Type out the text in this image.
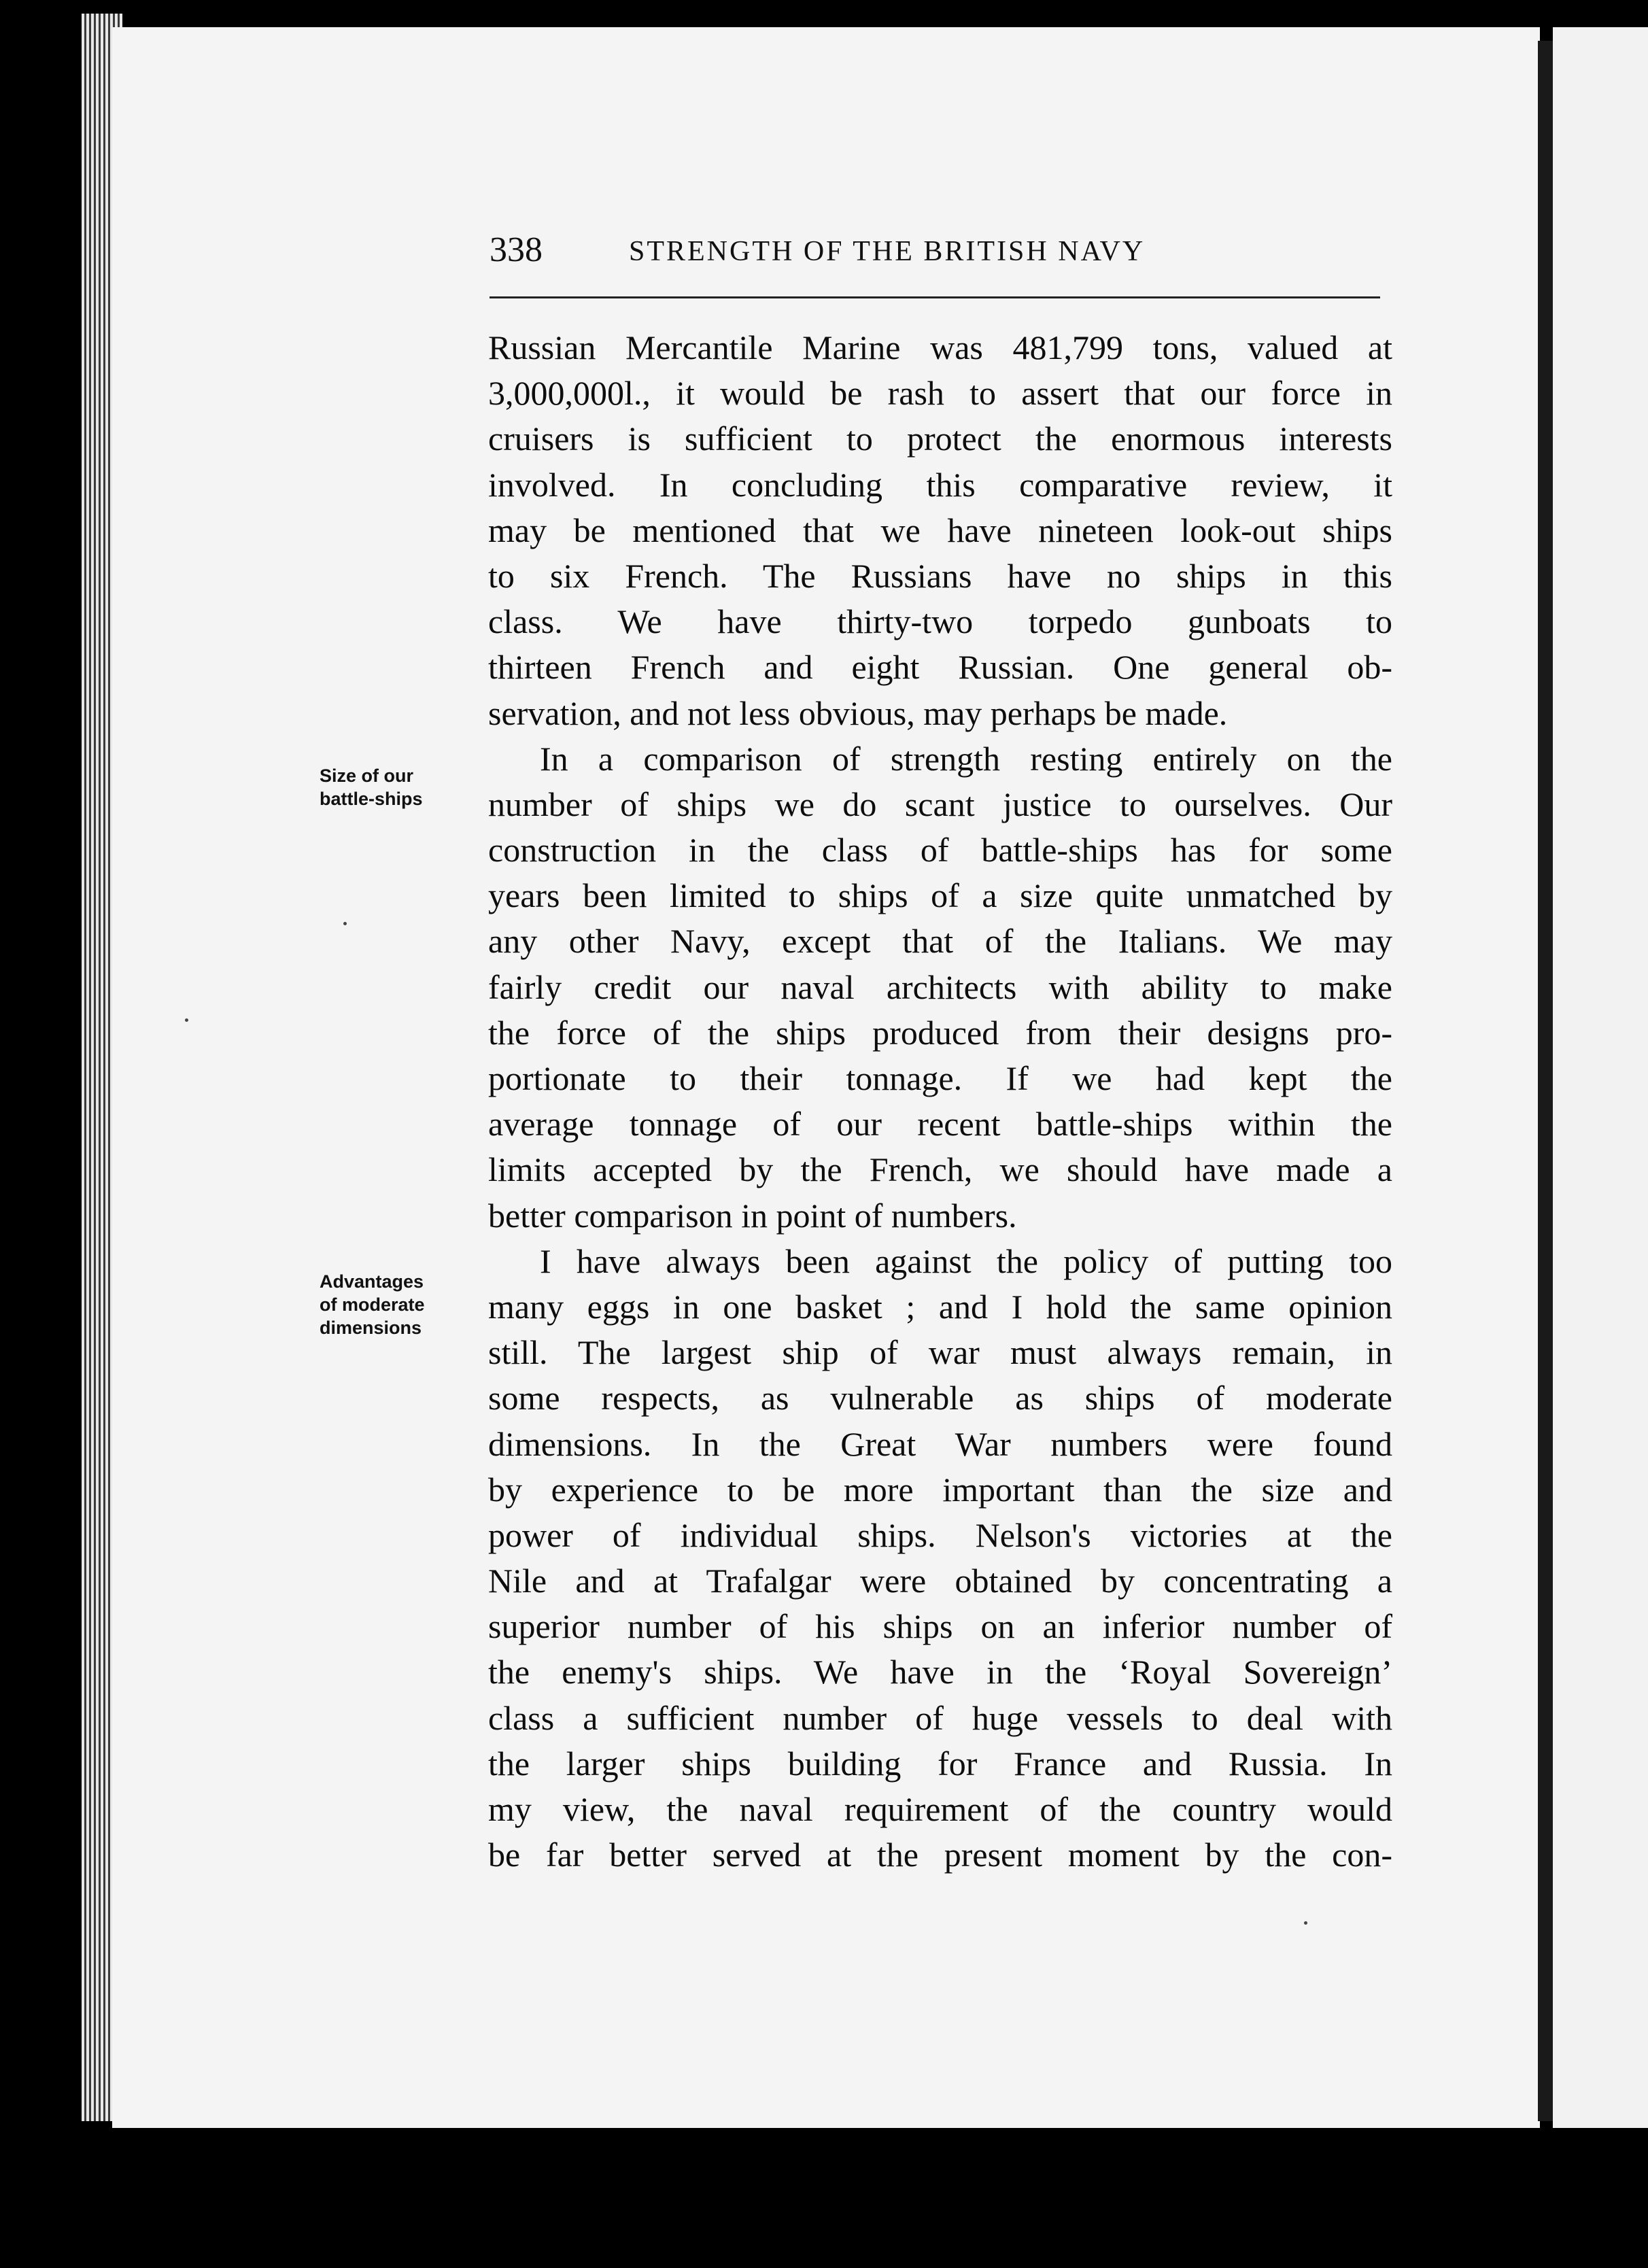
338	STRENGTH OF THE BRITISH NAVY
Size of our
battle-ships
Advantages
of moderate
dimensions
Russian Mercantile Marine was 481,799 tons, valued at
3,000,000l., it would be rash to assert that our force in
cruisers is sufficient to protect the enormous interests
involved. In concluding this comparative review, it
may be mentioned that we have nineteen look-out ships
to six French. The Russians have no ships in this
class. We have thirty-two torpedo gunboats to
thirteen French and eight Russian. One general ob-
servation, and not less obvious, may perhaps be made.
In a comparison of strength resting entirely on the
number of ships we do scant justice to ourselves. Our
construction in the class of battle-ships has for some
years been limited to ships of a size quite unmatched by
any other Navy, except that of the Italians. We may
fairly credit our naval architects with ability to make
the force of the ships produced from their designs pro-
portionate to their tonnage. If we had kept the
average tonnage of our recent battle-ships within the
limits accepted by the French, we should have made a
better comparison in point of numbers.
I have always been against the policy of putting too
many eggs in one basket ; and I hold the same opinion
still. The largest ship of war must always remain, in
some respects, as vulnerable as ships of moderate
dimensions. In the Great War numbers were found
by experience to be more important than the size and
power of individual ships. Nelson's victories at the
Nile and at Trafalgar were obtained by concentrating a
superior number of his ships on an inferior number of
the enemy's ships. We have in the ‘Royal Sovereign’
class a sufficient number of huge vessels to deal with
the larger ships building for France and Russia. In
my view, the naval requirement of the country would
be far better served at the present moment by the con-
